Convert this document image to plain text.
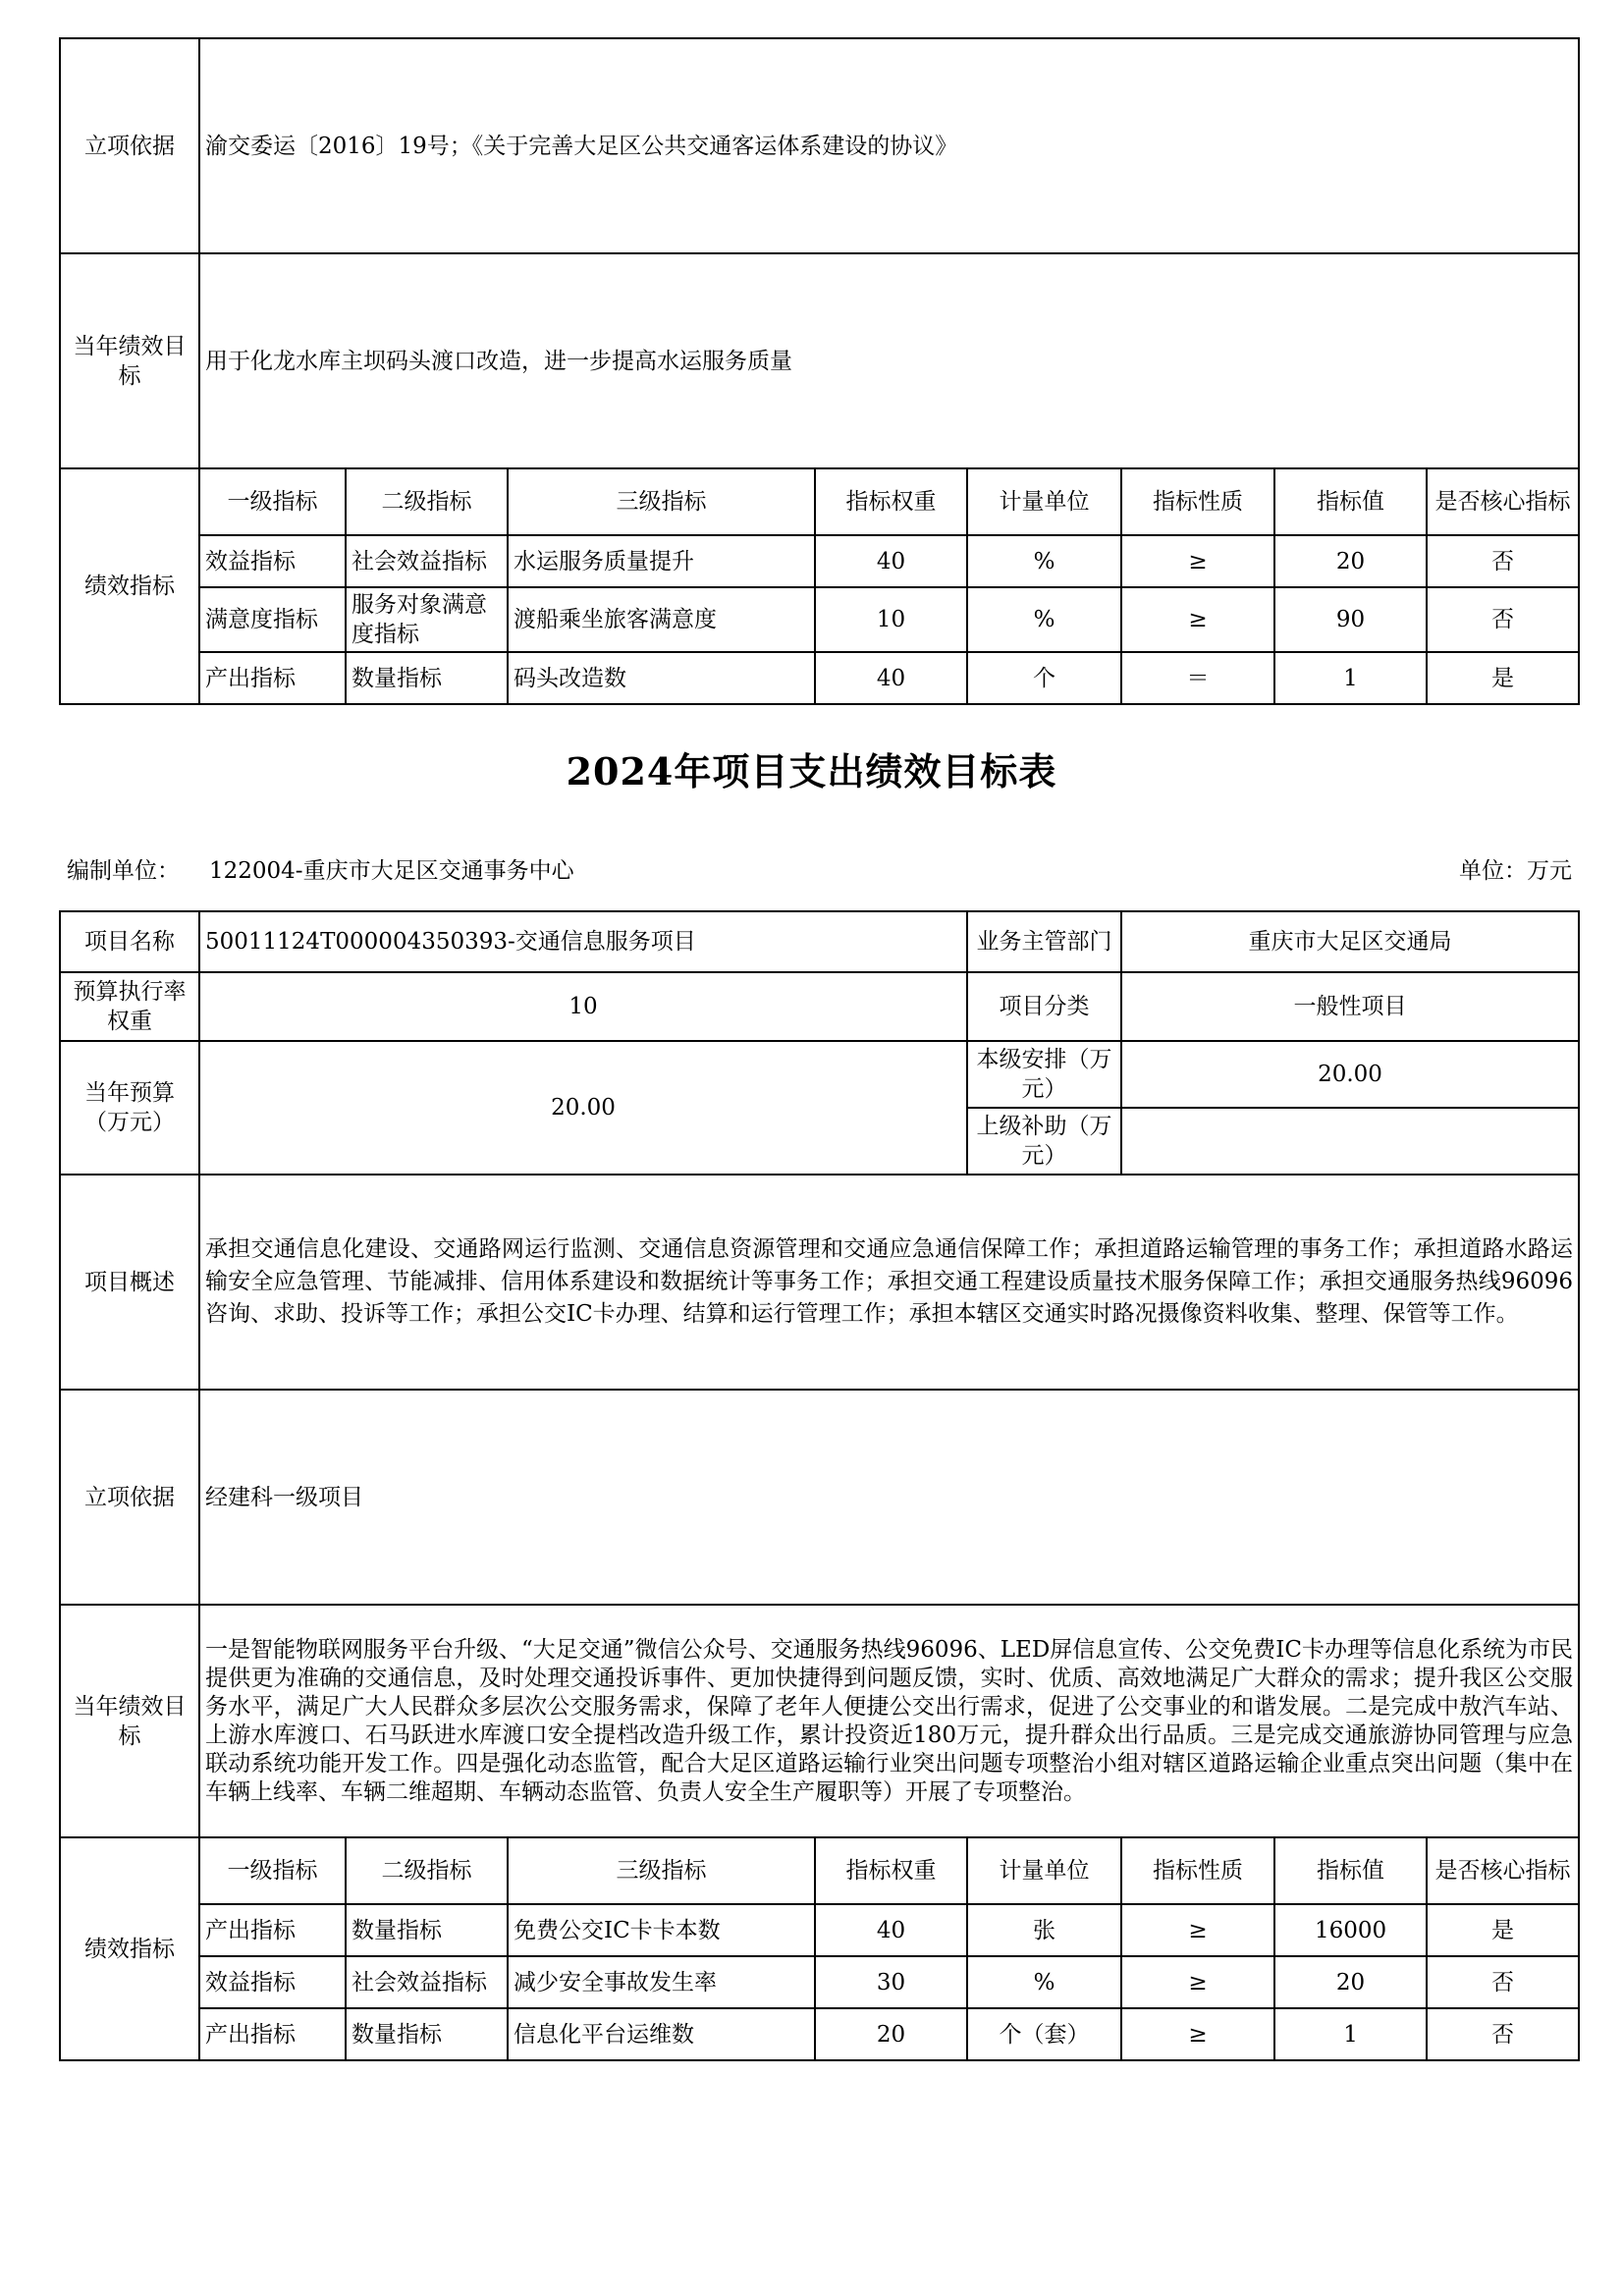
立项依据	渝交委运〔2016〕19号；《关于完善大足区公共交通客运体系建设的协议》							
当年绩效目标	用于化龙水库主坝码头渡口改造，进一步提高水运服务质量							
绩效指标	一级指标	二级指标	三级指标	指标权重	计量单位	指标性质	指标值	是否核心指标
	效益指标	社会效益指标	水运服务质量提升	40	%	≥	20	否
	满意度指标	服务对象满意度指标	渡船乘坐旅客满意度	10	%	≥	90	否
	产出指标	数量指标	码头改造数	40	个	＝	1	是
2024年项目支出绩效目标表
编制单位： 122004-重庆市大足区交通事务中心	单位：万元
项目名称	50011124T000004350393-交通信息服务项目				业务主管部门	重庆市大足区交通局		
预算执行率权重	10				项目分类	一般性项目		
当年预算（万元）	20.00				本级安排（万元）	20.00		
					上级补助（万元）			
项目概述	承担交通信息化建设、交通路网运行监测、交通信息资源管理和交通应急通信保障工作；承担道路运输管理的事务工作；承担道路水路运输安全应急管理、节能减排、信用体系建设和数据统计等事务工作；承担交通工程建设质量技术服务保障工作；承担交通服务热线96096咨询、求助、投诉等工作；承担公交IC卡办理、结算和运行管理工作；承担本辖区交通实时路况摄像资料收集、整理、保管等工作。							
立项依据	经建科一级项目							
当年绩效目标	一是智能物联网服务平台升级、“大足交通”微信公众号、交通服务热线96096、LED屏信息宣传、公交免费IC卡办理等信息化系统为市民提供更为准确的交通信息，及时处理交通投诉事件、更加快捷得到问题反馈，实时、优质、高效地满足广大群众的需求；提升我区公交服务水平，满足广大人民群众多层次公交服务需求，保障了老年人便捷公交出行需求，促进了公交事业的和谐发展。二是完成中敖汽车站、上游水库渡口、石马跃进水库渡口安全提档改造升级工作，累计投资近180万元，提升群众出行品质。三是完成交通旅游协同管理与应急联动系统功能开发工作。四是强化动态监管，配合大足区道路运输行业突出问题专项整治小组对辖区道路运输企业重点突出问题（集中在车辆上线率、车辆二维超期、车辆动态监管、负责人安全生产履职等）开展了专项整治。							
绩效指标	一级指标	二级指标	三级指标	指标权重	计量单位	指标性质	指标值	是否核心指标
	产出指标	数量指标	免费公交IC卡卡本数	40	张	≥	16000	是
	效益指标	社会效益指标	减少安全事故发生率	30	%	≥	20	否
	产出指标	数量指标	信息化平台运维数	20	个（套）	≥	1	否
